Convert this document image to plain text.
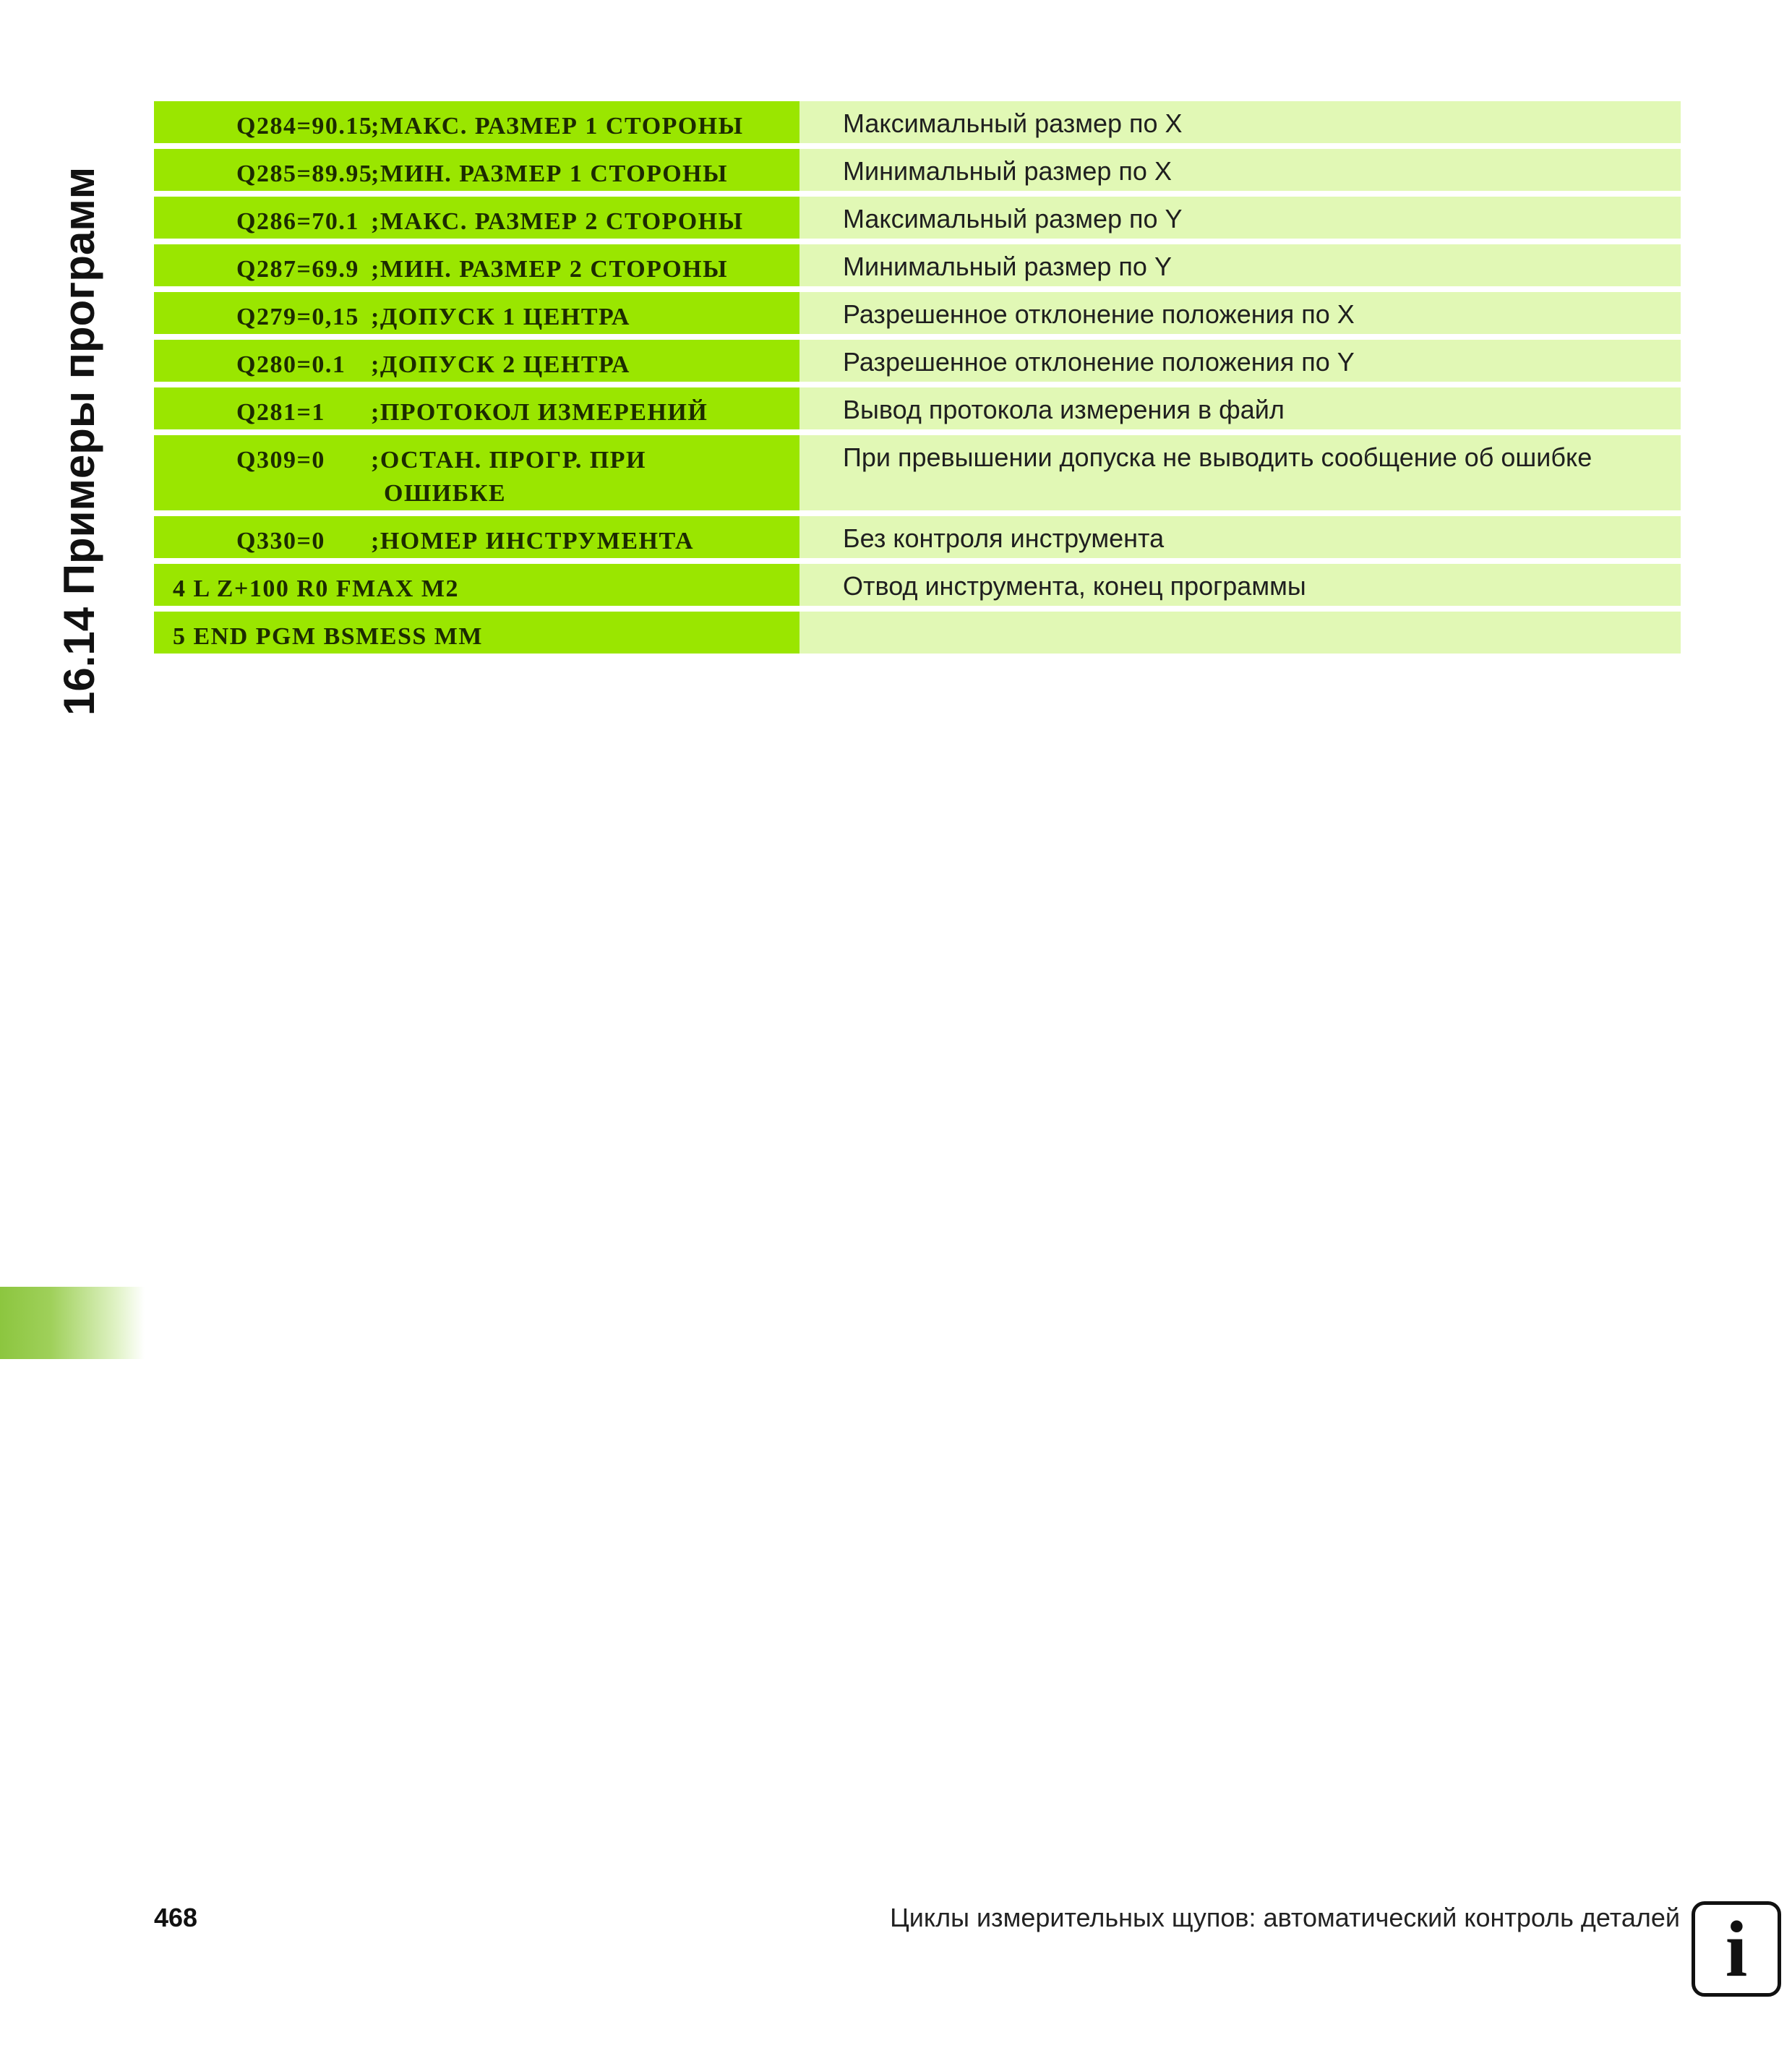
16.14 Примеры программ
Q284=90.15
;МАКС. РАЗМЕР 1 СТОРОНЫ	Максимальный размер по X

Q285=89.95
;МИН. РАЗМЕР 1 СТОРОНЫ	Минимальный размер по X

Q286=70.1 ;МАКС. РАЗМЕР 2 СТОРОНЫ	Максимальный размер по Y

Q287=69.9 ;МИН. РАЗМЕР 2 СТОРОНЫ	Минимальный размер по Y

Q279=0,15 ;ДОПУСК 1 ЦЕНТРА	Разрешенное отклонение положения по X

Q280=0.1 ;ДОПУСК 2 ЦЕНТРА	Разрешенное отклонение положения по Y

Q281=1 ;ПРОТОКОЛ ИЗМЕРЕНИЙ	Вывод протокола измерения в файл

Q309=0 ;ОСТАН. ПРОГР. ПРИ
ОШИБКЕ	При превышении допуска не выводить сообщение об ошибке

Q330=0 ;НОМЕР ИНСТРУМЕНТА	Без контроля инструмента

4 L Z+100 R0 FMAX M2	Отвод инструмента, конец программы

5 END PGM BSMESS MM	

468	Циклы измерительных щупов: автоматический контроль деталей i
